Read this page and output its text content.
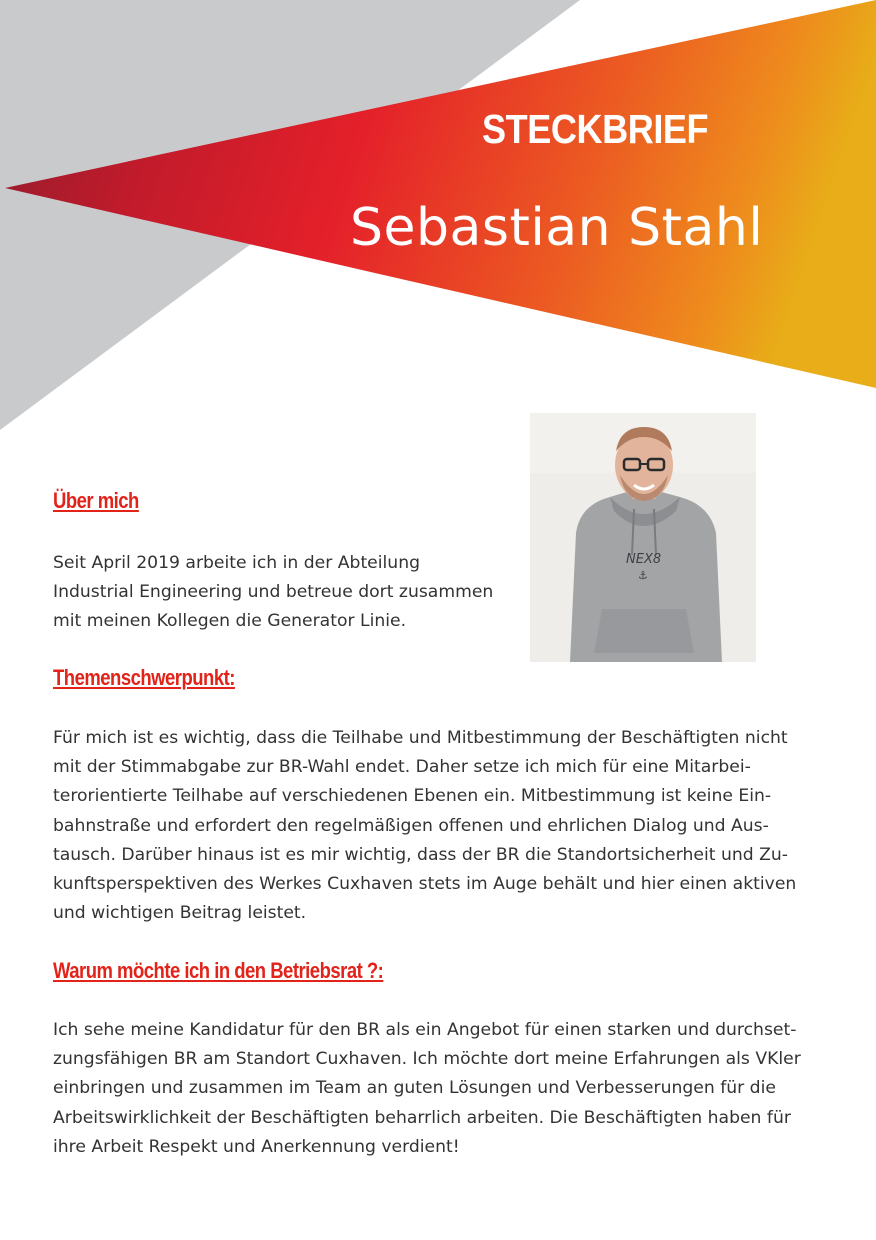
STECKBRIEF
Sebastian Stahl
NEX8
⚓
Über mich

Seit April 2019 arbeite ich in der Abteilung
Industrial Engineering und betreue dort zusammen
mit meinen Kollegen die Generator Linie.

Themenschwerpunkt:

Für mich ist es wichtig, dass die Teilhabe und Mitbestimmung der Beschäftigten nicht
mit der Stimmabgabe zur BR-Wahl endet. Daher setze ich mich für eine Mitarbei-
terorientierte Teilhabe auf verschiedenen Ebenen ein. Mitbestimmung ist keine Ein-
bahnstraße und erfordert den regelmäßigen offenen und ehrlichen Dialog und Aus-
tausch. Darüber hinaus ist es mir wichtig, dass der BR die Standortsicherheit und Zu-
kunftsperspektiven des Werkes Cuxhaven stets im Auge behält und hier einen aktiven
und wichtigen Beitrag leistet.

Warum möchte ich in den Betriebsrat ?:

Ich sehe meine Kandidatur für den BR als ein Angebot für einen starken und durchset-
zungsfähigen BR am Standort Cuxhaven. Ich möchte dort meine Erfahrungen als VKler
einbringen und zusammen im Team an guten Lösungen und Verbesserungen für die
Arbeitswirklichkeit der Beschäftigten beharrlich arbeiten. Die Beschäftigten haben für
ihre Arbeit Respekt und Anerkennung verdient!
